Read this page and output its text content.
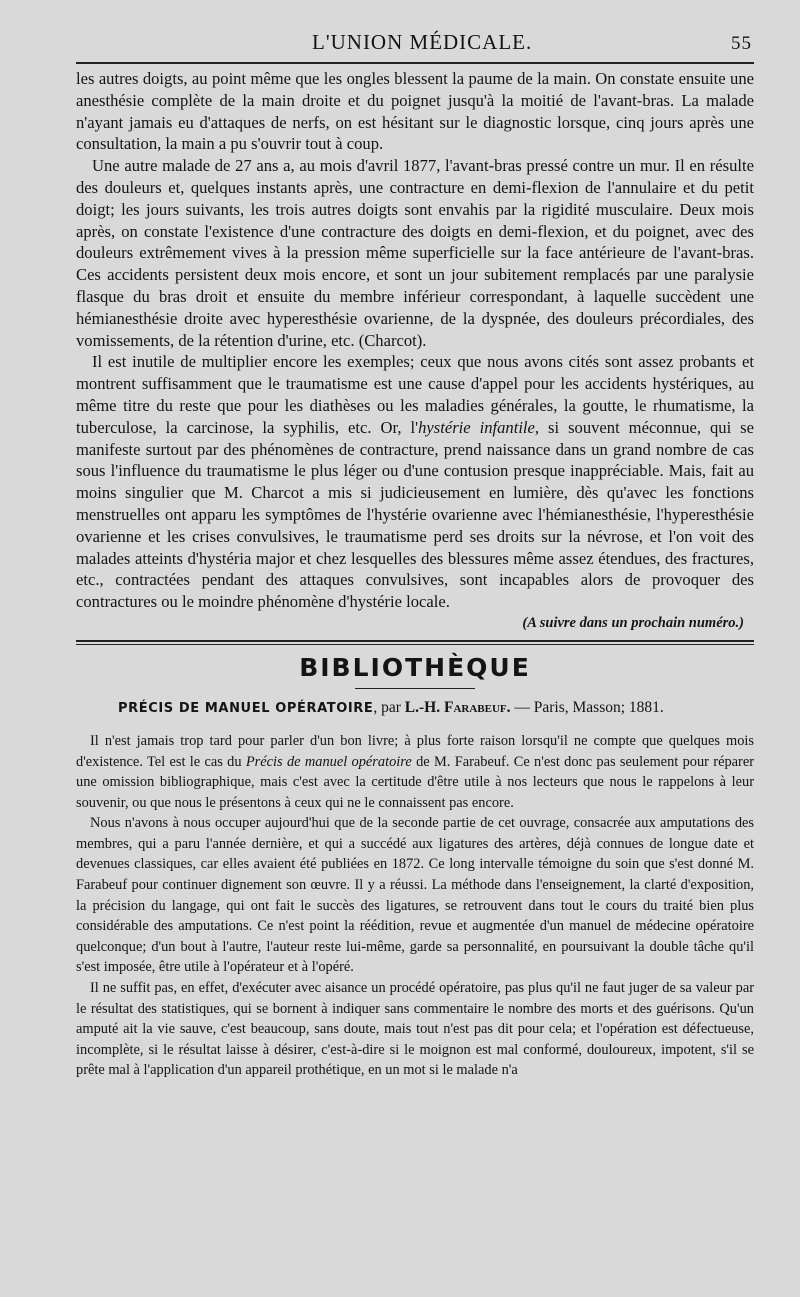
L'UNION MÉDICALE.	55

les autres doigts, au point même que les ongles blessent la paume de la main. On constate ensuite une anesthésie complète de la main droite et du poignet jusqu'à la moitié de l'avant-bras. La malade n'ayant jamais eu d'attaques de nerfs, on est hésitant sur le diagnostic lorsque, cinq jours après une consultation, la main a pu s'ouvrir tout à coup.

Une autre malade de 27 ans a, au mois d'avril 1877, l'avant-bras pressé contre un mur. Il en résulte des douleurs et, quelques instants après, une contracture en demi-flexion de l'annulaire et du petit doigt; les jours suivants, les trois autres doigts sont envahis par la rigidité musculaire. Deux mois après, on constate l'existence d'une contracture des doigts en demi-flexion, et du poignet, avec des douleurs extrêmement vives à la pression même superficielle sur la face antérieure de l'avant-bras. Ces accidents persistent deux mois encore, et sont un jour subitement remplacés par une paralysie flasque du bras droit et ensuite du membre inférieur correspondant, à laquelle succèdent une hémianesthésie droite avec hyperesthésie ovarienne, de la dyspnée, des douleurs précordiales, des vomissements, de la rétention d'urine, etc. (Charcot).

Il est inutile de multiplier encore les exemples; ceux que nous avons cités sont assez probants et montrent suffisamment que le traumatisme est une cause d'appel pour les accidents hystériques, au même titre du reste que pour les diathèses ou les maladies générales, la goutte, le rhumatisme, la tuberculose, la carcinose, la syphilis, etc. Or, l'hystérie infantile, si souvent méconnue, qui se manifeste surtout par des phénomènes de contracture, prend naissance dans un grand nombre de cas sous l'influence du traumatisme le plus léger ou d'une contusion presque inappréciable. Mais, fait au moins singulier que M. Charcot a mis si judicieusement en lumière, dès qu'avec les fonctions menstruelles ont apparu les symptômes de l'hystérie ovarienne avec l'hémianesthésie, l'hyperesthésie ovarienne et les crises convulsives, le traumatisme perd ses droits sur la névrose, et l'on voit des malades atteints d'hystéria major et chez lesquelles des blessures même assez étendues, des fractures, etc., contractées pendant des attaques convulsives, sont incapables alors de provoquer des contractures ou le moindre phénomène d'hystérie locale.

(A suivre dans un prochain numéro.)
BIBLIOTHÈQUE
PRÉCIS DE MANUEL OPÉRATOIRE, par L.-H. Farabeuf. — Paris, Masson; 1881.

Il n'est jamais trop tard pour parler d'un bon livre; à plus forte raison lorsqu'il ne compte que quelques mois d'existence. Tel est le cas du Précis de manuel opératoire de M. Farabeuf. Ce n'est donc pas seulement pour réparer une omission bibliographique, mais c'est avec la certitude d'être utile à nos lecteurs que nous le rappelons à leur souvenir, ou que nous le présentons à ceux qui ne le connaissent pas encore.

Nous n'avons à nous occuper aujourd'hui que de la seconde partie de cet ouvrage, consacrée aux amputations des membres, qui a paru l'année dernière, et qui a succédé aux ligatures des artères, déjà connues de longue date et devenues classiques, car elles avaient été publiées en 1872. Ce long intervalle témoigne du soin que s'est donné M. Farabeuf pour continuer dignement son œuvre. Il y a réussi. La méthode dans l'enseignement, la clarté d'exposition, la précision du langage, qui ont fait le succès des ligatures, se retrouvent dans tout le cours du traité bien plus considérable des amputations. Ce n'est point la réédition, revue et augmentée d'un manuel de médecine opératoire quelconque; d'un bout à l'autre, l'auteur reste lui-même, garde sa personnalité, en poursuivant la double tâche qu'il s'est imposée, être utile à l'opérateur et à l'opéré.

Il ne suffit pas, en effet, d'exécuter avec aisance un procédé opératoire, pas plus qu'il ne faut juger de sa valeur par le résultat des statistiques, qui se bornent à indiquer sans commentaire le nombre des morts et des guérisons. Qu'un amputé ait la vie sauve, c'est beaucoup, sans doute, mais tout n'est pas dit pour cela; et l'opération est défectueuse, incomplète, si le résultat laisse à désirer, c'est-à-dire si le moignon est mal conformé, douloureux, impotent, s'il se prête mal à l'application d'un appareil prothétique, en un mot si le malade n'a
